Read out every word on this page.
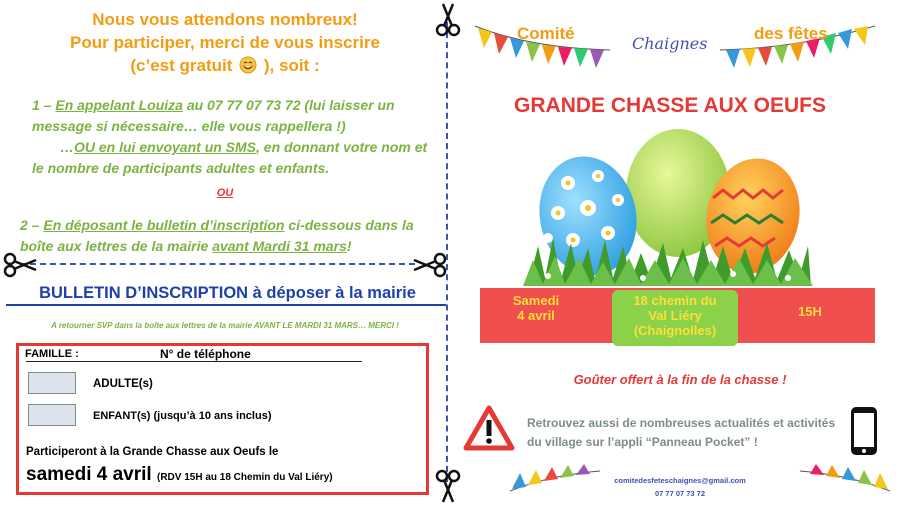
Nous vous attendons nombreux!
Pour participer, merci de vous inscrire
(c’est gratuit ), soit :
1 – En appelant Louiza au 07 77 07 73 72 (lui laisser un message si nécessaire… elle vous rappellera !)
…OU en lui envoyant un SMS, en donnant votre nom et le nombre de participants adultes et enfants.
OU
2 – En déposant le bulletin d’inscription ci-dessous dans la boîte aux lettres de la mairie avant Mardi 31 mars!
BULLETIN D’INSCRIPTION à déposer à la mairie
A retourner SVP dans la boîte aux lettres de la mairie AVANT LE MARDI 31 MARS… MERCI !
FAMILLE :	N° de téléphone
ADULTE(s)
ENFANT(s) (jusqu’à 10 ans inclus)
Participeront à la Grande Chasse aux Oeufs le
samedi 4 avril (RDV 15H au 18 Chemin du Val Liéry)
Comité
Chaignes
des fêtes
GRANDE CHASSE AUX OEUFS
Samedi
4 avril
18 chemin du
Val Liéry
(Chaignolles)
15H
Goûter offert à la fin de la chasse !
Retrouvez aussi de nombreuses actualités et activités du village sur l’appli “Panneau Pocket” !
comitedesfeteschaignes@gmail.com
07 77 07 73 72
